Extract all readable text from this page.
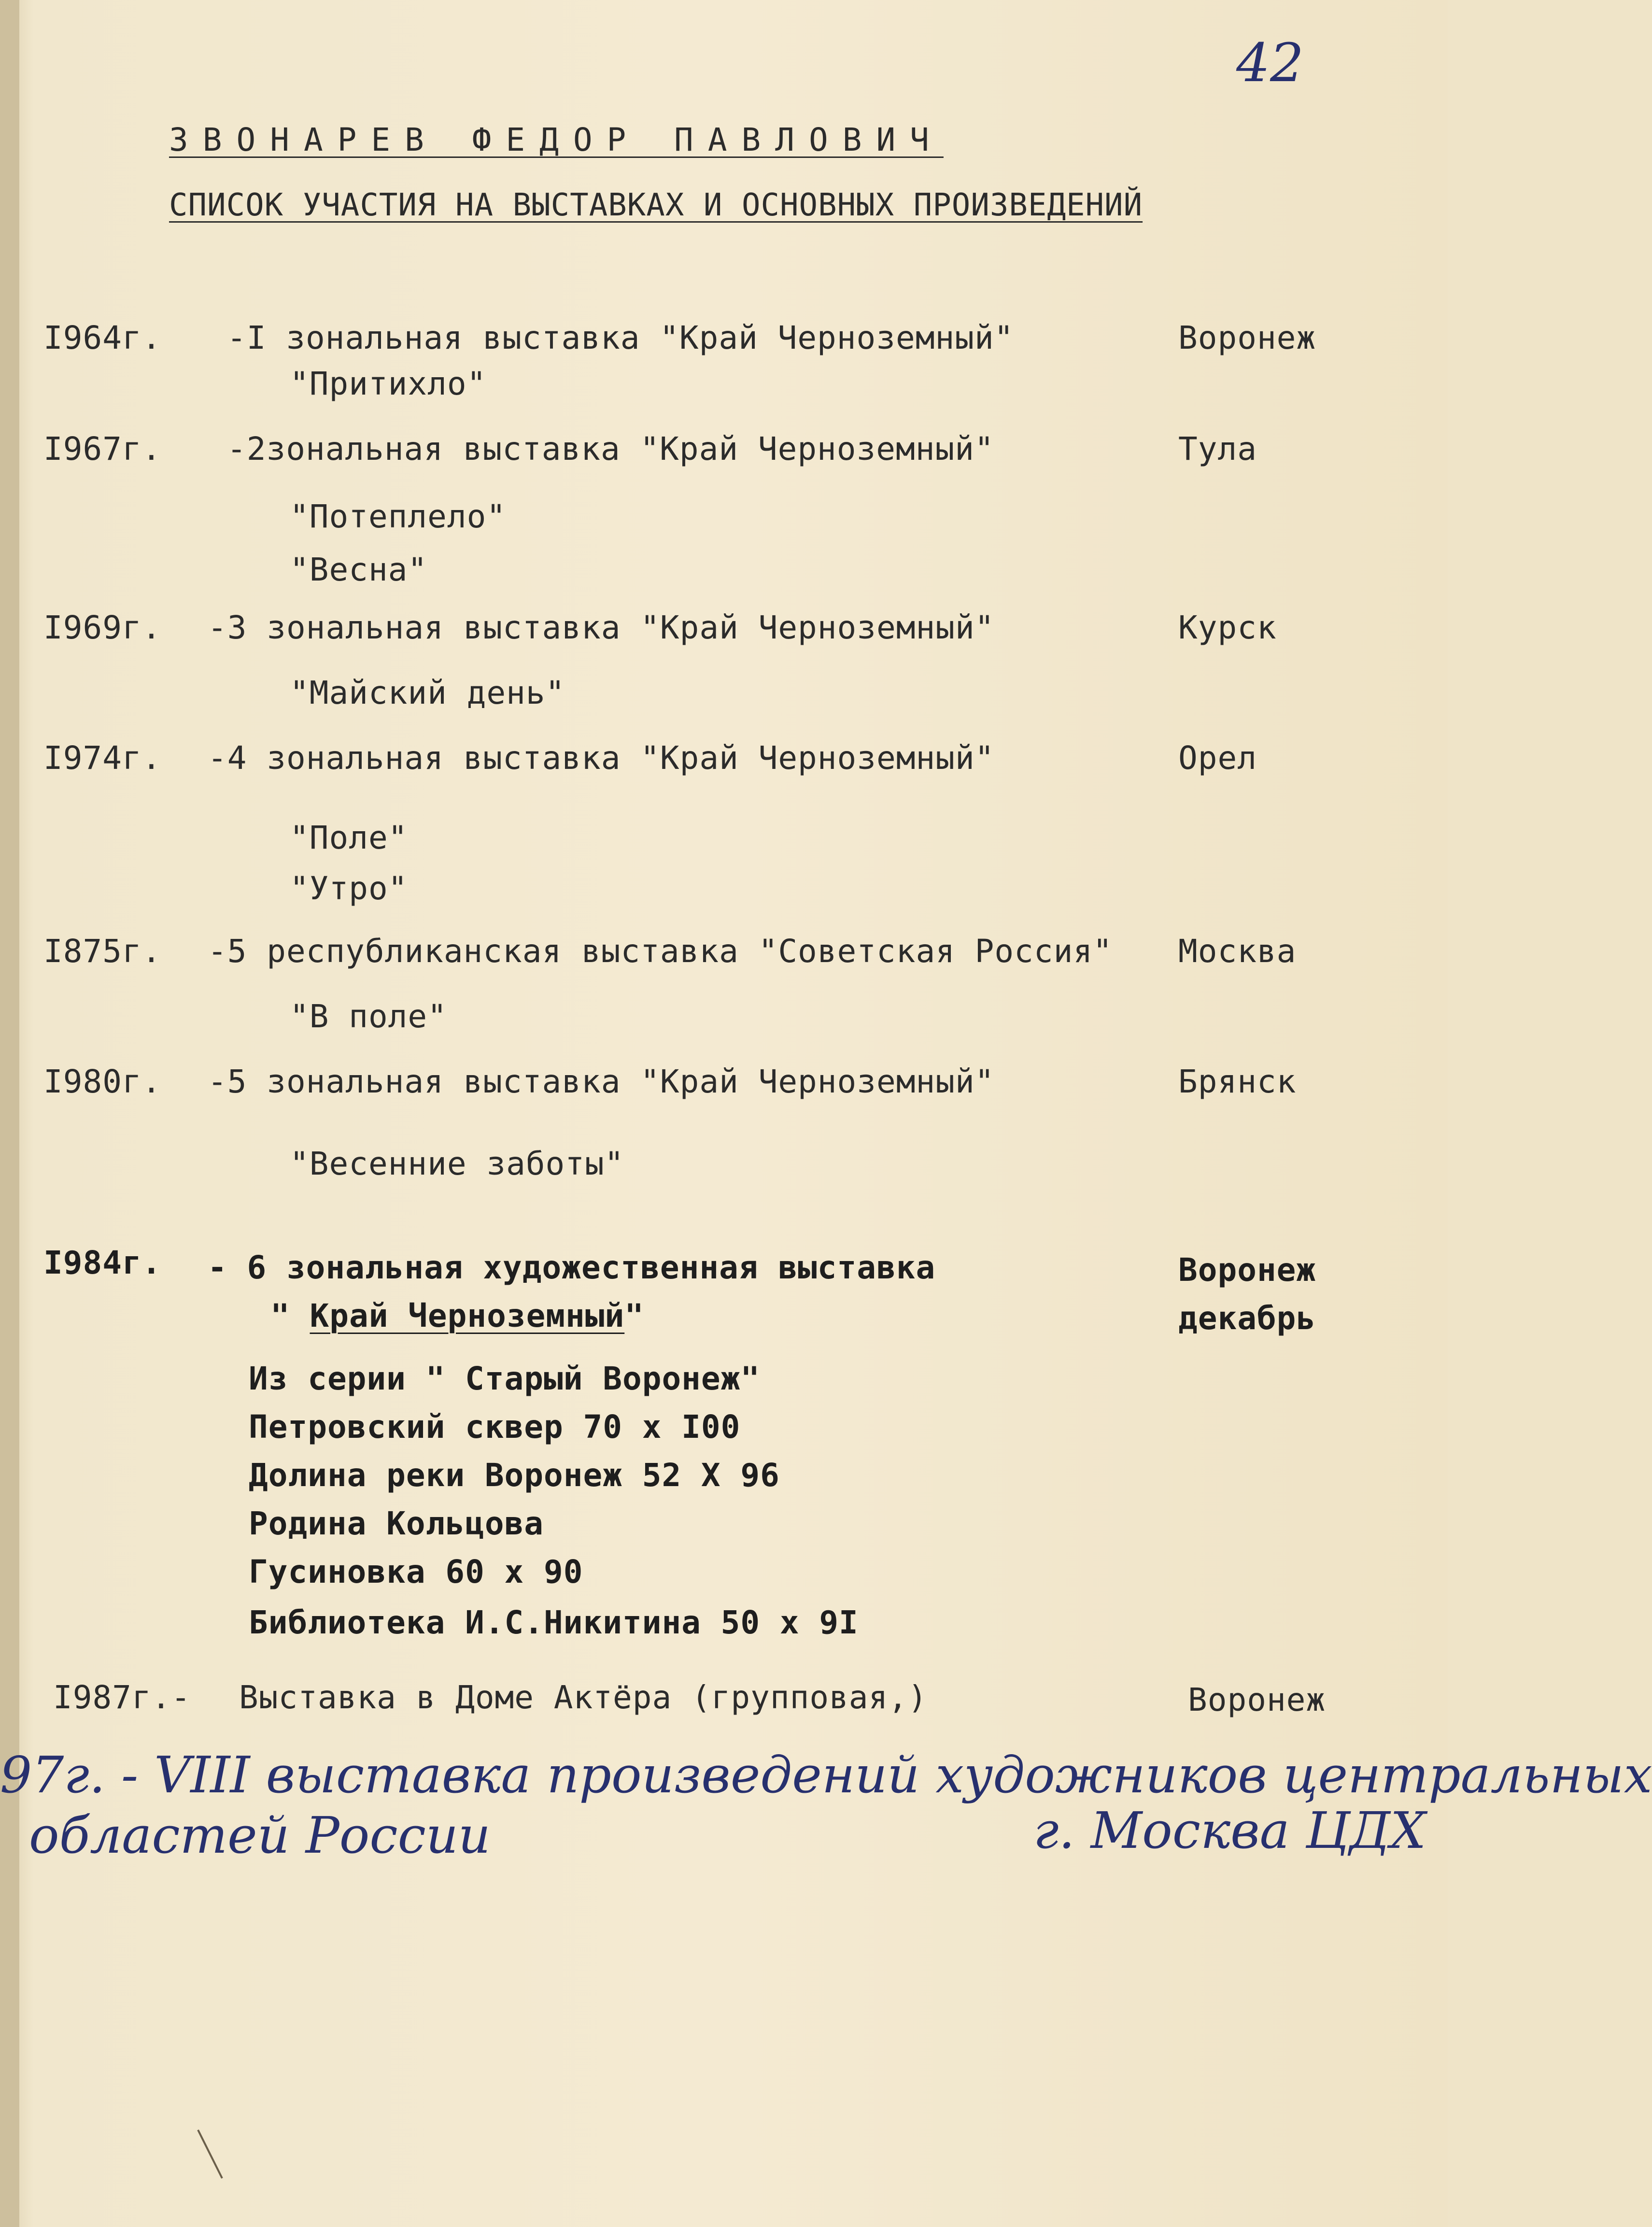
42
ЗВОНАРЕВ ФЕДОР ПАВЛОВИЧ
СПИСОК УЧАСТИЯ НА ВЫСТАВКАХ И ОСНОВНЫХ ПРОИЗВЕДЕНИЙ
I964г. -I зональная выставка "Край Черноземный"	Воронеж
"Притихло"
I967г. -2зональная выставка "Край Черноземный"	Тула
"Потеплело"
"Весна"
I969г. -3 зональная выставка "Край Черноземный"	Курск
"Майский день"
I974г. -4 зональная выставка "Край Черноземный"	Орел
"Поле"
"Утро"
I875г. -5 республиканская выставка "Советская Россия" Москва
"В поле"
I980г. -5 зональная выставка "Край Черноземный"	Брянск
"Весенние заботы"
I984г. - 6 зональная художественная выставка
" Край Черноземный"
Воронеж
декабрь
Из серии " Старый Воронеж"
Петровский сквер 70 х I00
Долина реки Воронеж 52 Х 96
Родина Кольцова
Гусиновка 60 х 90
Библиотека И.С.Никитина 50 х 9I
I987г.- Выставка в Доме Актёра (групповая,)	Воронеж
97г. - VIII выставка произведений художников центральных
областей России	г. Москва ЦДХ
